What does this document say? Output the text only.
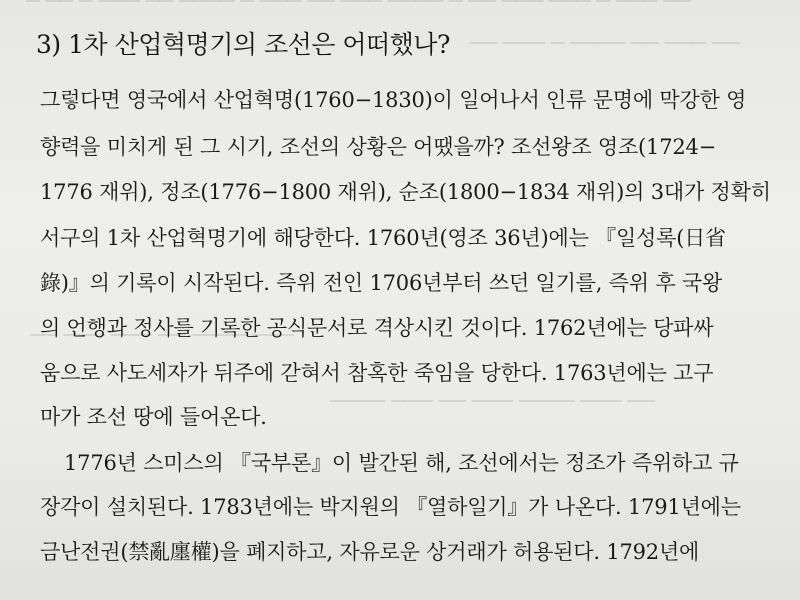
▔ ▔▔ ▔ ▔▔▔ ▔▔ ▔▔▔▔ ▔ ▔▔▔ ▔▔ ▔▔▔ ▔▔▔▔ ▔ ▔▔ ▔▔▔ ▔▔▔ ▔ ▔▔▔ ▔▔
▔▔ ▔▔▔ ▔ ▔▔▔▔ ▔▔ ▔▔▔ ▔▔
▔▔ ▔▔▔ ▔▔▔ ▔▔ ▔▔▔▔ ▔▔▔
▔▔▔▔ ▔▔▔ ▔▔ ▔▔▔ ▔▔▔▔ ▔▔▔ ▔▔
3) 1차 산업혁명기의 조선은 어떠했나?
그렇다면 영국에서 산업혁명(1760−1830)이 일어나서 인류 문명에 막강한 영
향력을 미치게 된 그 시기, 조선의 상황은 어땠을까? 조선왕조 영조(1724−
1776 재위), 정조(1776−1800 재위), 순조(1800−1834 재위)의 3대가 정확히
서구의 1차 산업혁명기에 해당한다. 1760년(영조 36년)에는 『일성록(日省
錄)』의 기록이 시작된다. 즉위 전인 1706년부터 쓰던 일기를, 즉위 후 국왕
의 언행과 정사를 기록한 공식문서로 격상시킨 것이다. 1762년에는 당파싸
움으로 사도세자가 뒤주에 갇혀서 참혹한 죽임을 당한다. 1763년에는 고구
마가 조선 땅에 들어온다.
1776년 스미스의 『국부론』이 발간된 해, 조선에서는 정조가 즉위하고 규
장각이 설치된다. 1783년에는 박지원의 『열하일기』가 나온다. 1791년에는
금난전권(禁亂廛權)을 폐지하고, 자유로운 상거래가 허용된다. 1792년에
